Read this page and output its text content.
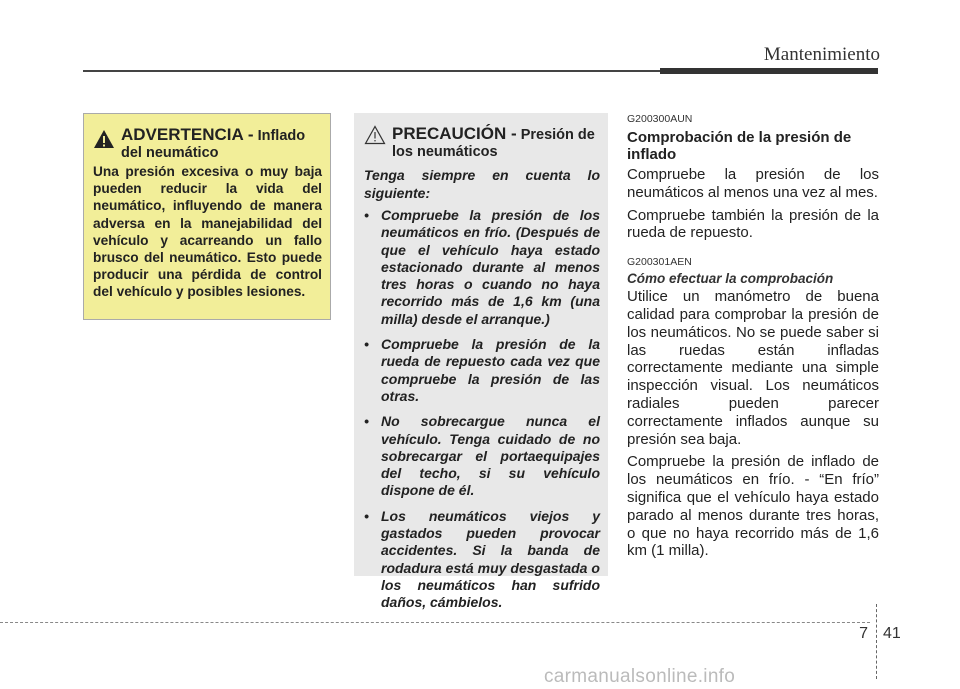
Mantenimiento
ADVERTENCIA - Inflado
del neumático
Una presión excesiva o muy baja pueden reducir la vida del neumático, influyendo de manera adversa en la manejabilidad del vehículo y acarreando un fallo brusco del neumático. Esto puede producir una pérdida de control del vehículo y posibles lesiones.
PRECAUCIÓN - Presión de
los neumáticos
Tenga siempre en cuenta lo siguiente:
• Compruebe la presión de los neumáticos en frío. (Después de que el vehículo haya estado estacionado durante al menos tres horas o cuando no haya recorrido más de 1,6 km (una milla) desde el arranque.)
• Compruebe la presión de la rueda de repuesto cada vez que compruebe la presión de las otras.
• No sobrecargue nunca el vehículo. Tenga cuidado de no sobrecargar el portaequipajes del techo, si su vehículo dispone de él.
• Los neumáticos viejos y gastados pueden provocar accidentes. Si la banda de rodadura está muy desgastada o los neumáticos han sufrido daños, cámbielos.

G200300AUN

Comprobación de la presión de inflado

Compruebe la presión de los neumáticos al menos una vez al mes.

Compruebe también la presión de la rueda de repuesto.

G200301AEN

Cómo efectuar la comprobación

Utilice un manómetro de buena calidad para comprobar la presión de los neumáticos. No se puede saber si las ruedas están infladas correctamente mediante una simple inspección visual. Los neumáticos radiales pueden parecer correctamente inflados aunque su presión sea baja.

Compruebe la presión de inflado de los neumáticos en frío. - “En frío” significa que el vehículo haya estado parado al menos durante tres horas, o que no haya recorrido más de 1,6 km (1 milla).

7 41
carmanualsonline.info
